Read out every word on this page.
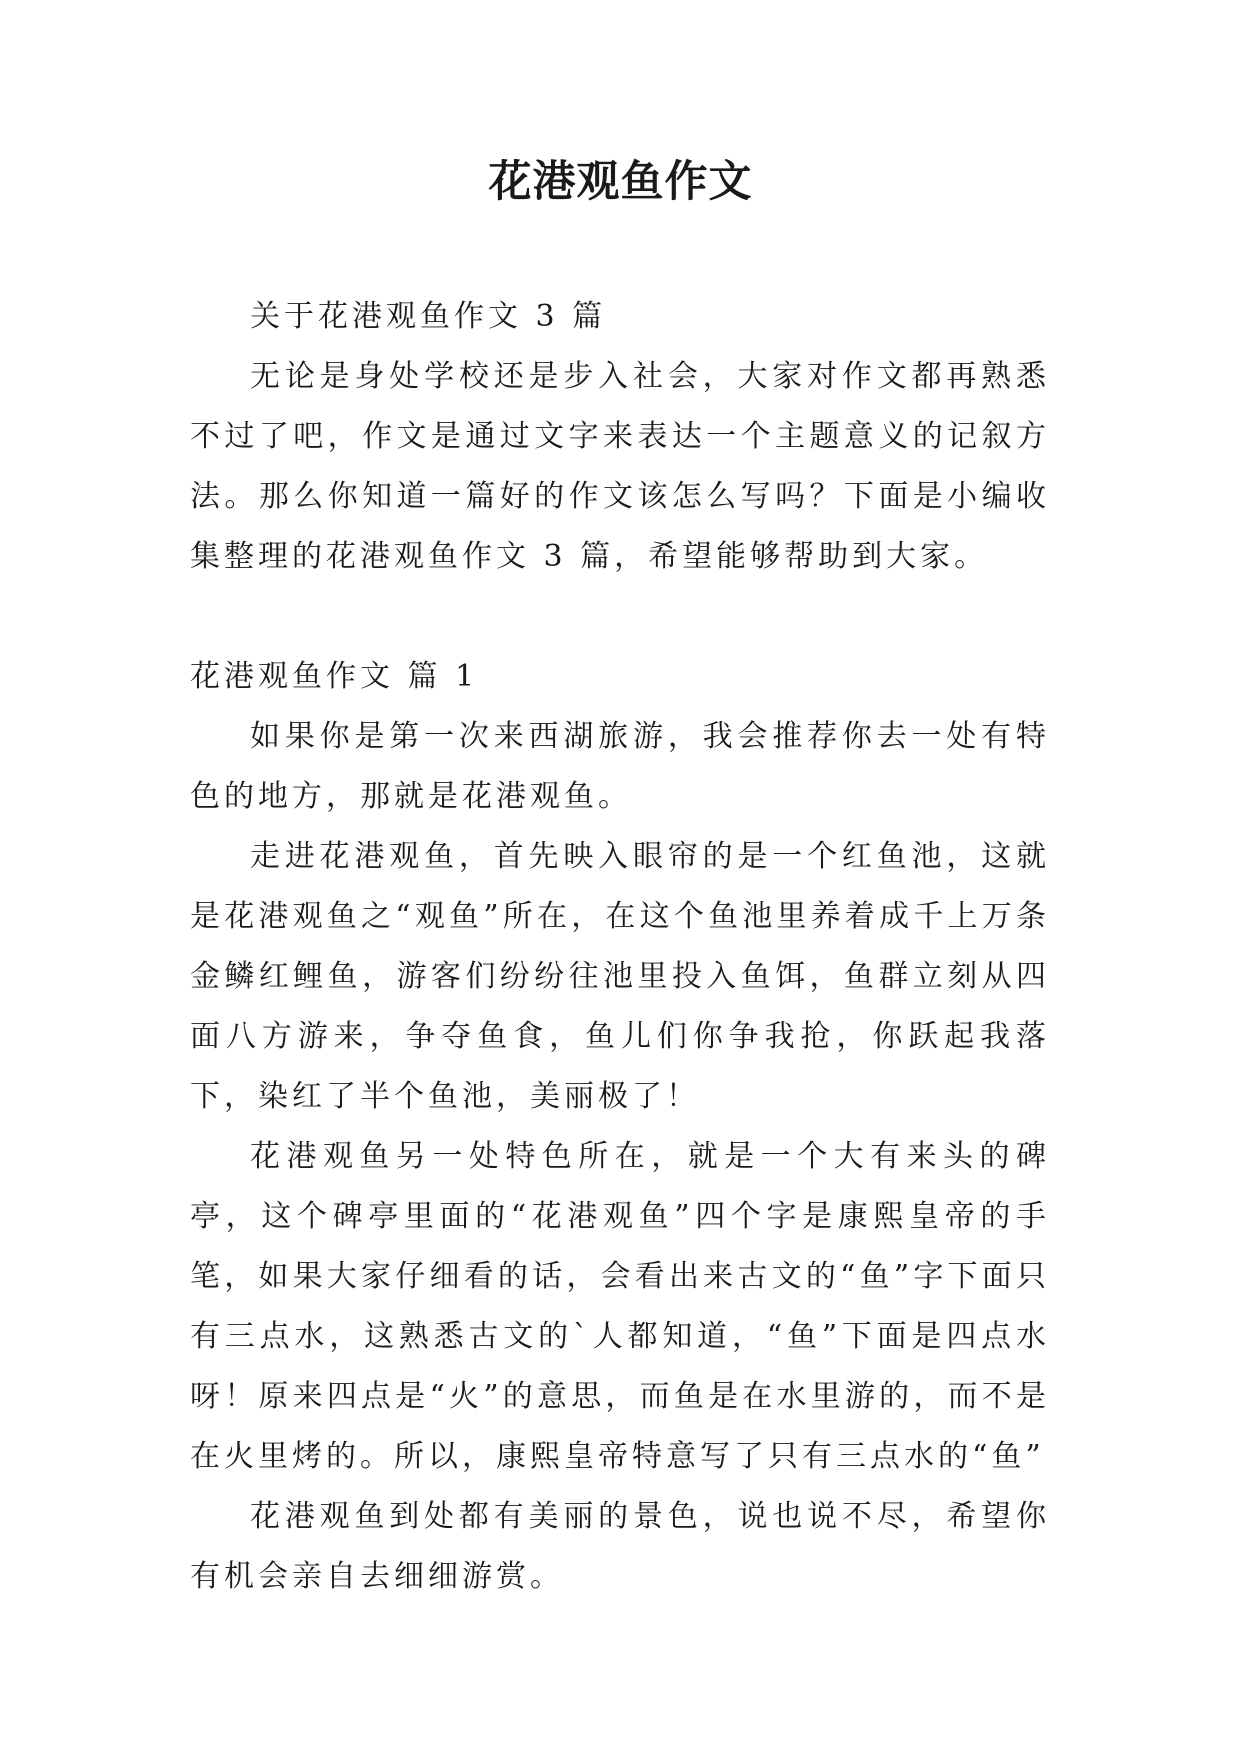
花港观鱼作文

关于花港观鱼作文 3 篇

无论是身处学校还是步入社会，大家对作文都再熟悉不过了吧，作文是通过文字来表达一个主题意义的记叙方法。那么你知道一篇好的作文该怎么写吗？下面是小编收集整理的花港观鱼作文 3 篇，希望能够帮助到大家。

花港观鱼作文 篇 1

如果你是第一次来西湖旅游，我会推荐你去一处有特色的地方，那就是花港观鱼。

走进花港观鱼，首先映入眼帘的是一个红鱼池，这就是花港观鱼之“观鱼”所在，在这个鱼池里养着成千上万条金鳞红鲤鱼，游客们纷纷往池里投入鱼饵，鱼群立刻从四面八方游来，争夺鱼食，鱼儿们你争我抢，你跃起我落下，染红了半个鱼池，美丽极了！

花港观鱼另一处特色所在，就是一个大有来头的碑亭，这个碑亭里面的“花港观鱼”四个字是康熙皇帝的手笔，如果大家仔细看的话，会看出来古文的“鱼”字下面只有三点水，这熟悉古文的`人都知道，“鱼”下面是四点水呀！原来四点是“火”的意思，而鱼是在水里游的，而不是在火里烤的。所以，康熙皇帝特意写了只有三点水的“鱼”

花港观鱼到处都有美丽的景色，说也说不尽，希望你有机会亲自去细细游赏。
